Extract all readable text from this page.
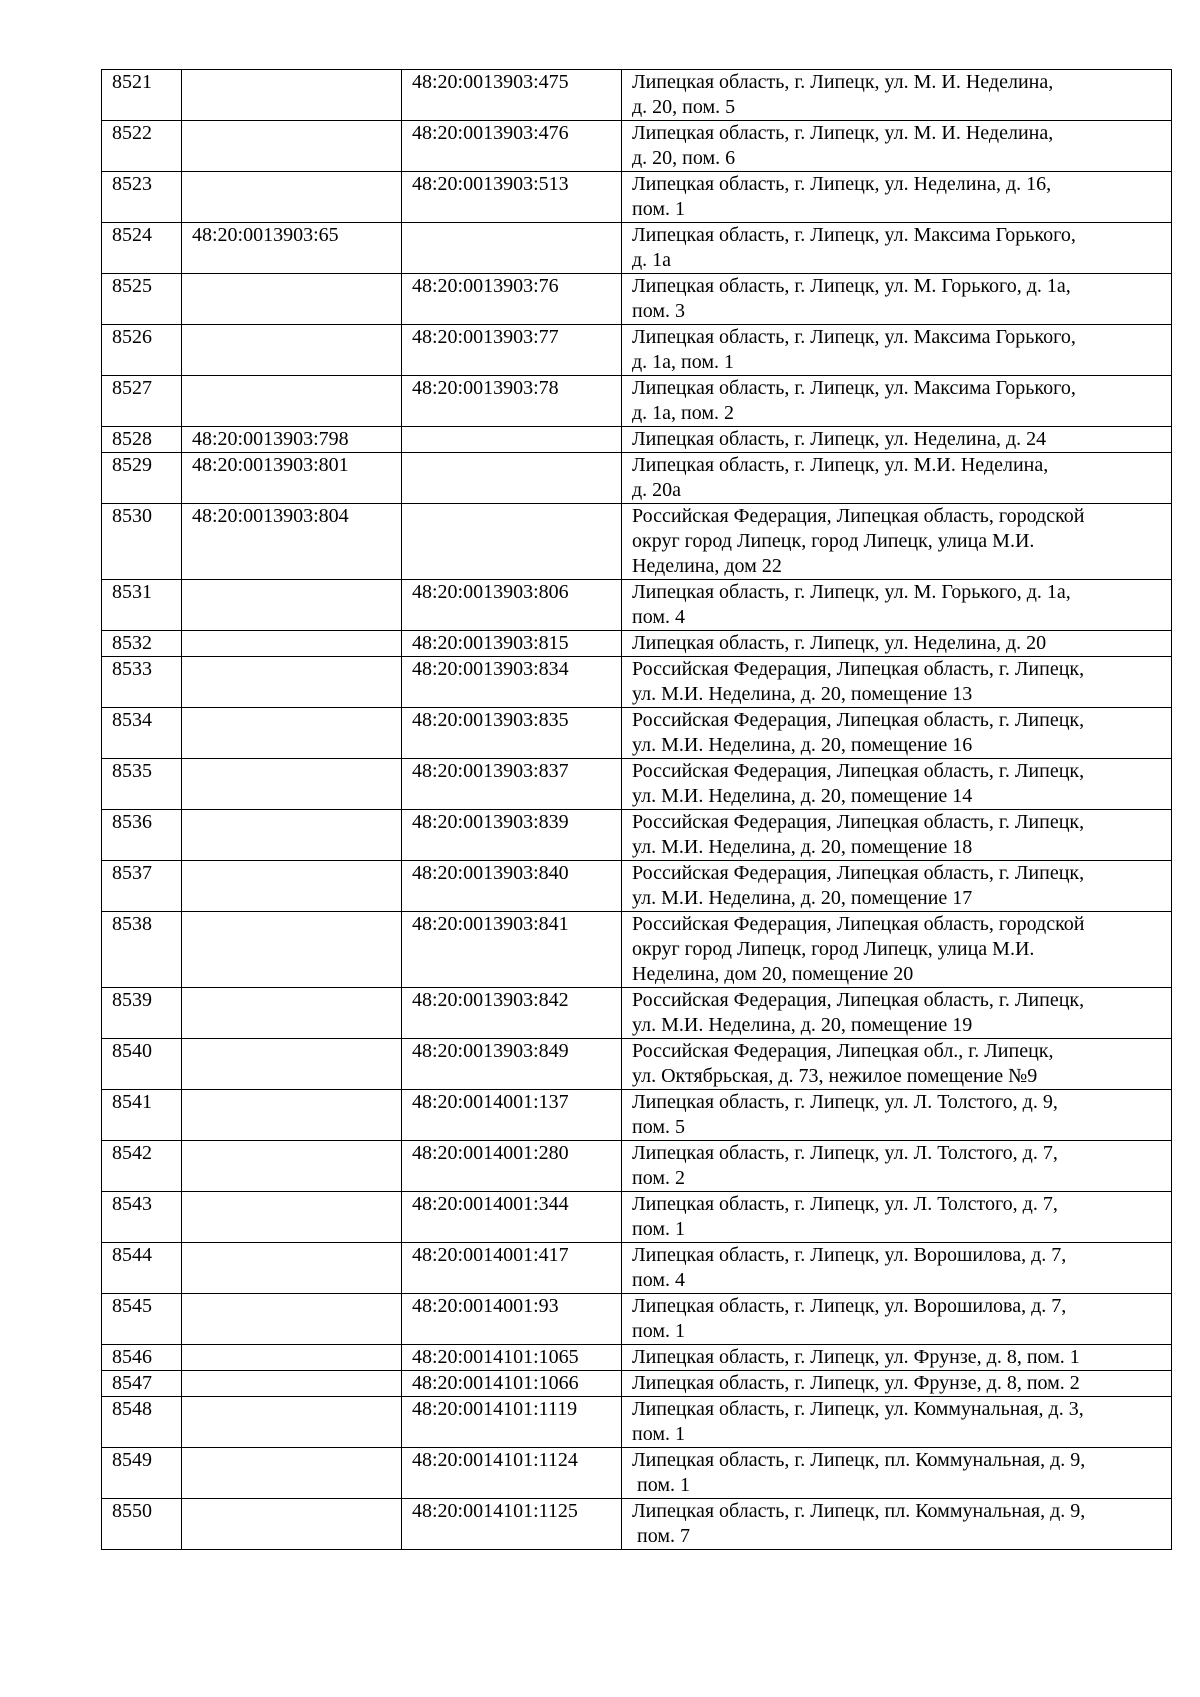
8521		48:20:0013903:475	Липецкая область, г. Липецк, ул. М. И. Неделина,
д. 20, пом. 5
8522		48:20:0013903:476	Липецкая область, г. Липецк, ул. М. И. Неделина,
д. 20, пом. 6
8523		48:20:0013903:513	Липецкая область, г. Липецк, ул. Неделина, д. 16,
пом. 1
8524	48:20:0013903:65		Липецкая область, г. Липецк, ул. Максима Горького,
д. 1а
8525		48:20:0013903:76	Липецкая область, г. Липецк, ул. М. Горького, д. 1а,
пом. 3
8526		48:20:0013903:77	Липецкая область, г. Липецк, ул. Максима Горького,
д. 1а, пом. 1
8527		48:20:0013903:78	Липецкая область, г. Липецк, ул. Максима Горького,
д. 1а, пом. 2
8528	48:20:0013903:798		Липецкая область, г. Липецк, ул. Неделина, д. 24
8529	48:20:0013903:801		Липецкая область, г. Липецк, ул. М.И. Неделина,
д. 20а
8530	48:20:0013903:804		Российская Федерация, Липецкая область, городской
округ город Липецк, город Липецк, улица М.И.
Неделина, дом 22
8531		48:20:0013903:806	Липецкая область, г. Липецк, ул. М. Горького, д. 1а,
пом. 4
8532		48:20:0013903:815	Липецкая область, г. Липецк, ул. Неделина, д. 20
8533		48:20:0013903:834	Российская Федерация, Липецкая область, г. Липецк,
ул. М.И. Неделина, д. 20, помещение 13
8534		48:20:0013903:835	Российская Федерация, Липецкая область, г. Липецк,
ул. М.И. Неделина, д. 20, помещение 16
8535		48:20:0013903:837	Российская Федерация, Липецкая область, г. Липецк,
ул. М.И. Неделина, д. 20, помещение 14
8536		48:20:0013903:839	Российская Федерация, Липецкая область, г. Липецк,
ул. М.И. Неделина, д. 20, помещение 18
8537		48:20:0013903:840	Российская Федерация, Липецкая область, г. Липецк,
ул. М.И. Неделина, д. 20, помещение 17
8538		48:20:0013903:841	Российская Федерация, Липецкая область, городской
округ город Липецк, город Липецк, улица М.И.
Неделина, дом 20, помещение 20
8539		48:20:0013903:842	Российская Федерация, Липецкая область, г. Липецк,
ул. М.И. Неделина, д. 20, помещение 19
8540		48:20:0013903:849	Российская Федерация, Липецкая обл., г. Липецк,
ул. Октябрьская, д. 73, нежилое помещение №9
8541		48:20:0014001:137	Липецкая область, г. Липецк, ул. Л. Толстого, д. 9,
пом. 5
8542		48:20:0014001:280	Липецкая область, г. Липецк, ул. Л. Толстого, д. 7,
пом. 2
8543		48:20:0014001:344	Липецкая область, г. Липецк, ул. Л. Толстого, д. 7,
пом. 1
8544		48:20:0014001:417	Липецкая область, г. Липецк, ул. Ворошилова, д. 7,
пом. 4
8545		48:20:0014001:93	Липецкая область, г. Липецк, ул. Ворошилова, д. 7,
пом. 1
8546		48:20:0014101:1065	Липецкая область, г. Липецк, ул. Фрунзе, д. 8, пом. 1
8547		48:20:0014101:1066	Липецкая область, г. Липецк, ул. Фрунзе, д. 8, пом. 2
8548		48:20:0014101:1119	Липецкая область, г. Липецк, ул. Коммунальная, д. 3,
пом. 1
8549		48:20:0014101:1124	Липецкая область, г. Липецк, пл. Коммунальная, д. 9,
пом. 1
8550		48:20:0014101:1125	Липецкая область, г. Липецк, пл. Коммунальная, д. 9,
пом. 7
